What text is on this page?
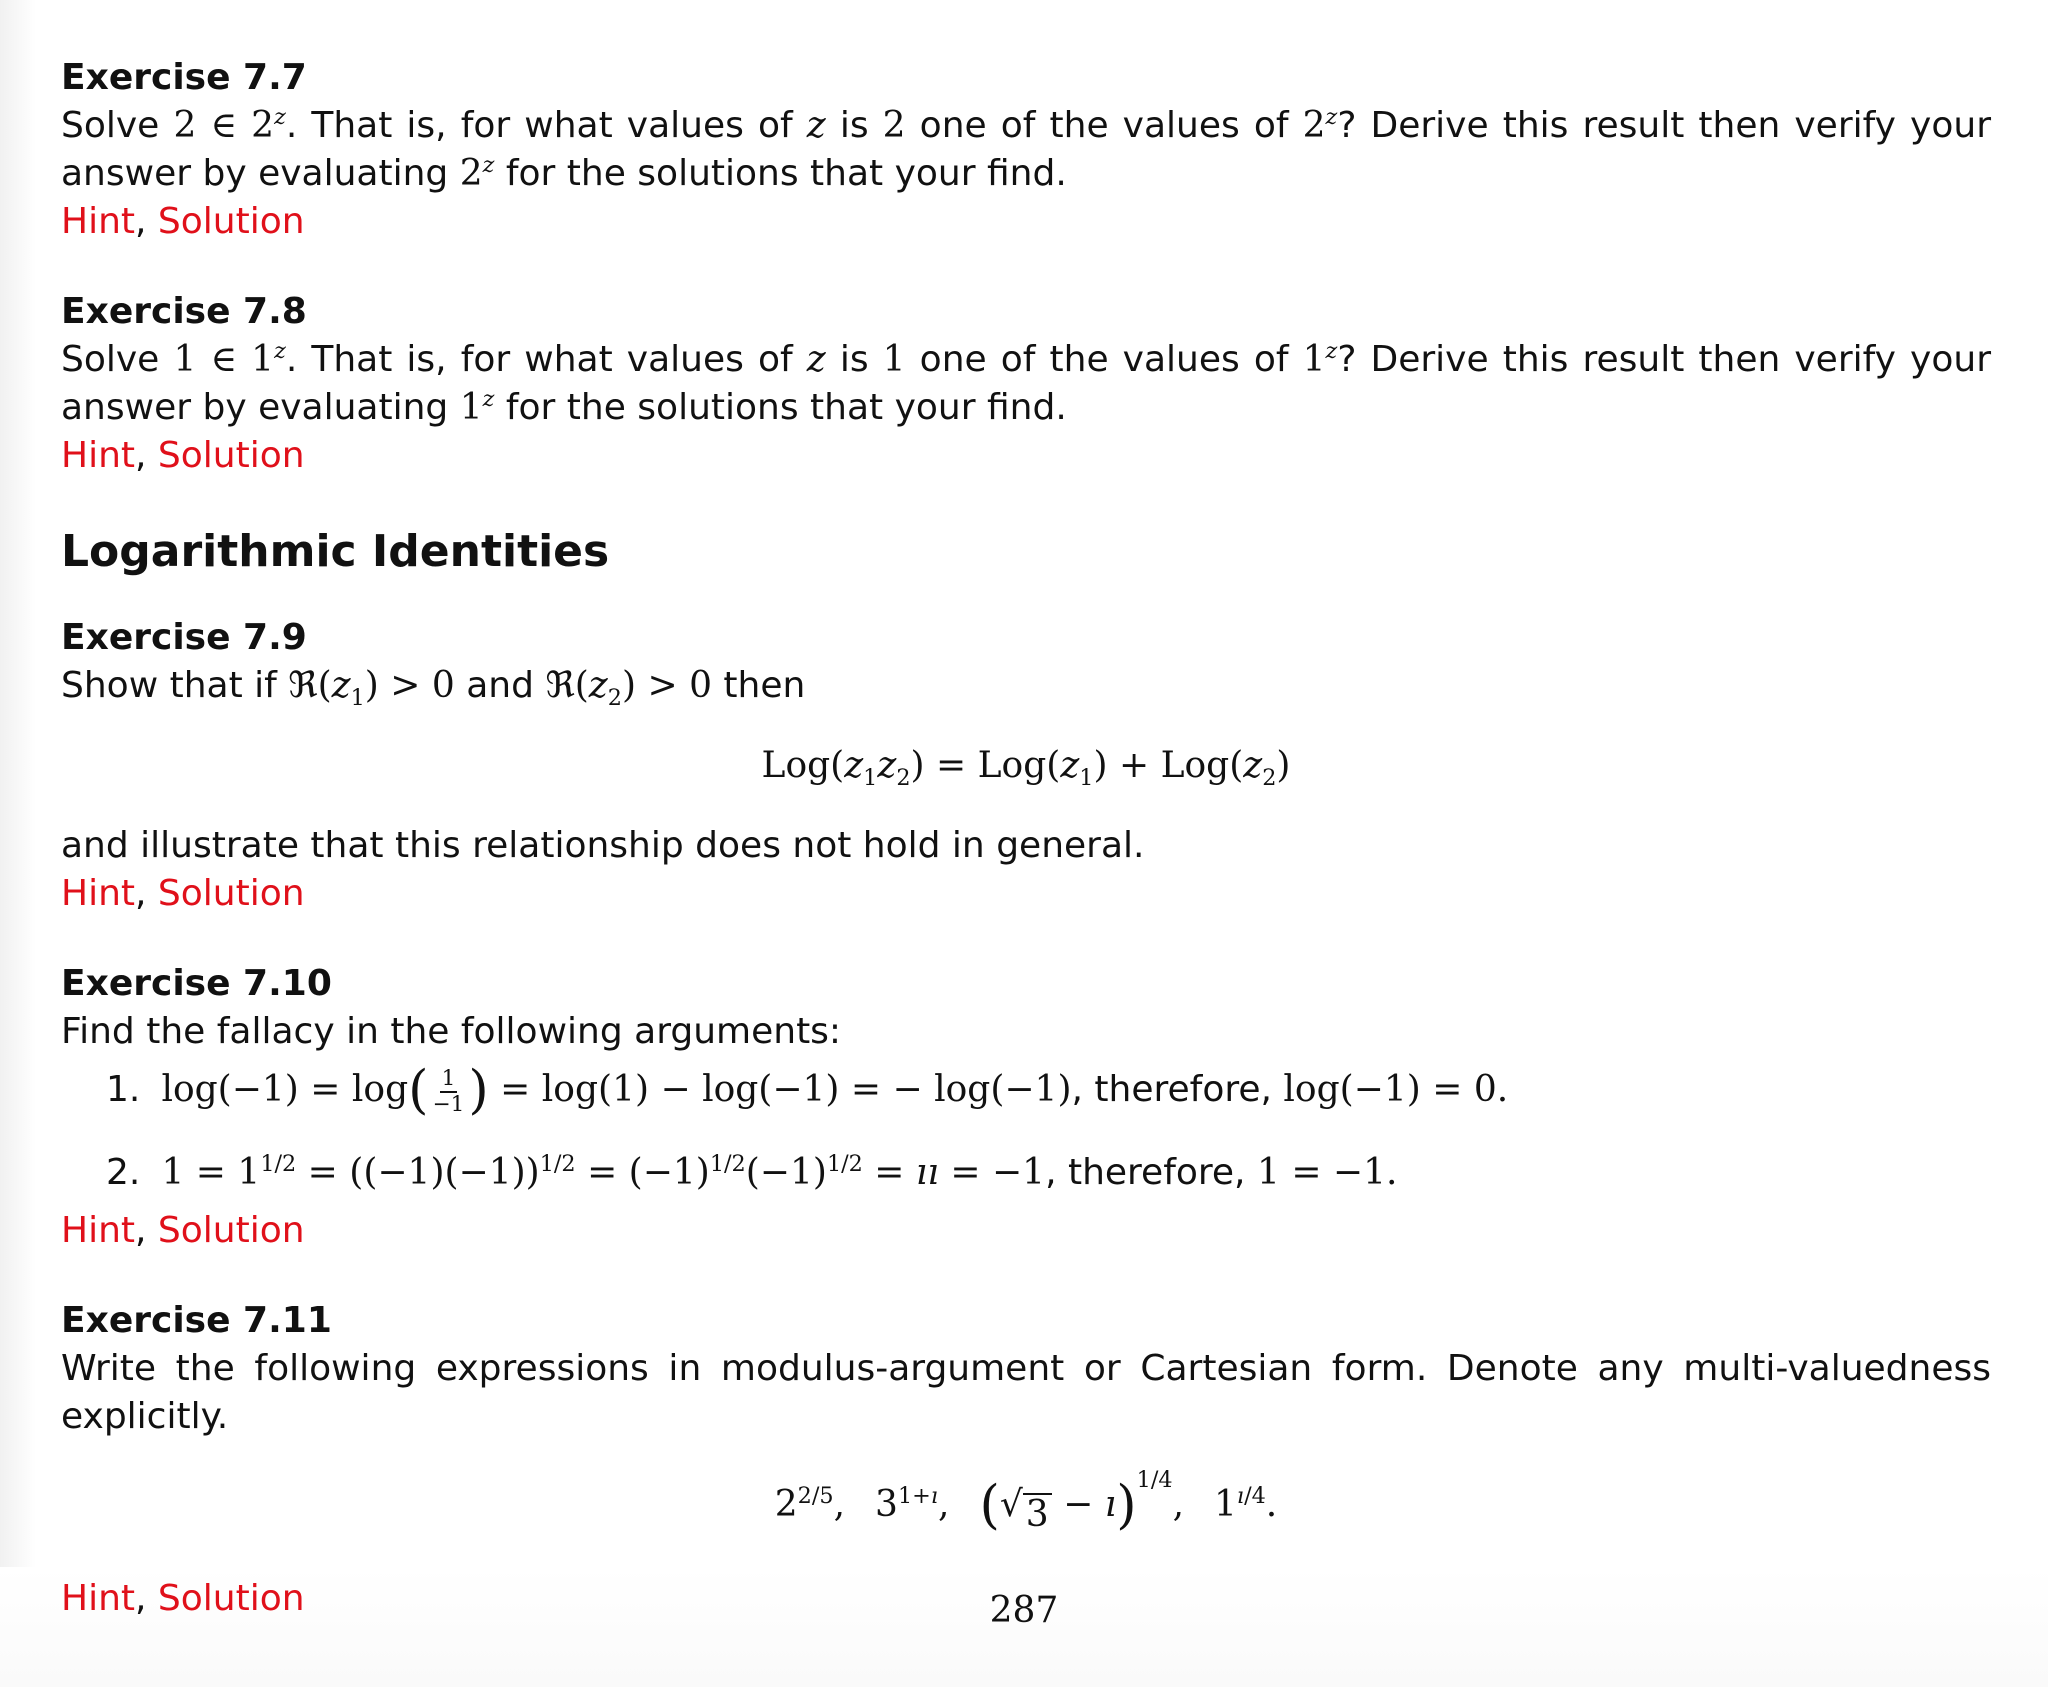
Exercise 7.7
Solve 2 ∈ 2$^z$. That is, for what values of z is 2 one of the values of 2$^z$? Derive this result then verify your answer by evaluating 2$^z$ for the solutions that your find.
Hint, Solution
Exercise 7.8
Solve 1 ∈ 1$^z$. That is, for what values of z is 1 one of the values of 1$^z$? Derive this result then verify your answer by evaluating 1$^z$ for the solutions that your find.
Hint, Solution
Logarithmic Identities
Exercise 7.9
Show that if $ℜ(z_1) > 0$ and $ℜ(z_2) > 0$ then
$Log(z_1z_2) = Log(z_1) + Log(z_2)$
and illustrate that this relationship does not hold in general.
Hint, Solution
Exercise 7.10
Find the fallacy in the following arguments:
1. $\log(-1) = \log( \frac{1}{-1}$ ) = log(1) − log(−1) = − log(−1), therefore, log(−1) = 0.
2. $1 = 1^{1/2} = ((-1)(-1))^{1/2} = (-1)^{1/2}(-1)^{1/2}$ = ıı = −1, therefore, 1 = −1.
Hint, Solution
Exercise 7.11
Write the following expressions in modulus-argument or Cartesian form. Denote any multi-valuedness explicitly.
$2^{2/5}$, $3^{1+ı}$, (√ 3 − ı)$^{1/4}$, $1^{ı/4}$.
Hint, Solution	287
